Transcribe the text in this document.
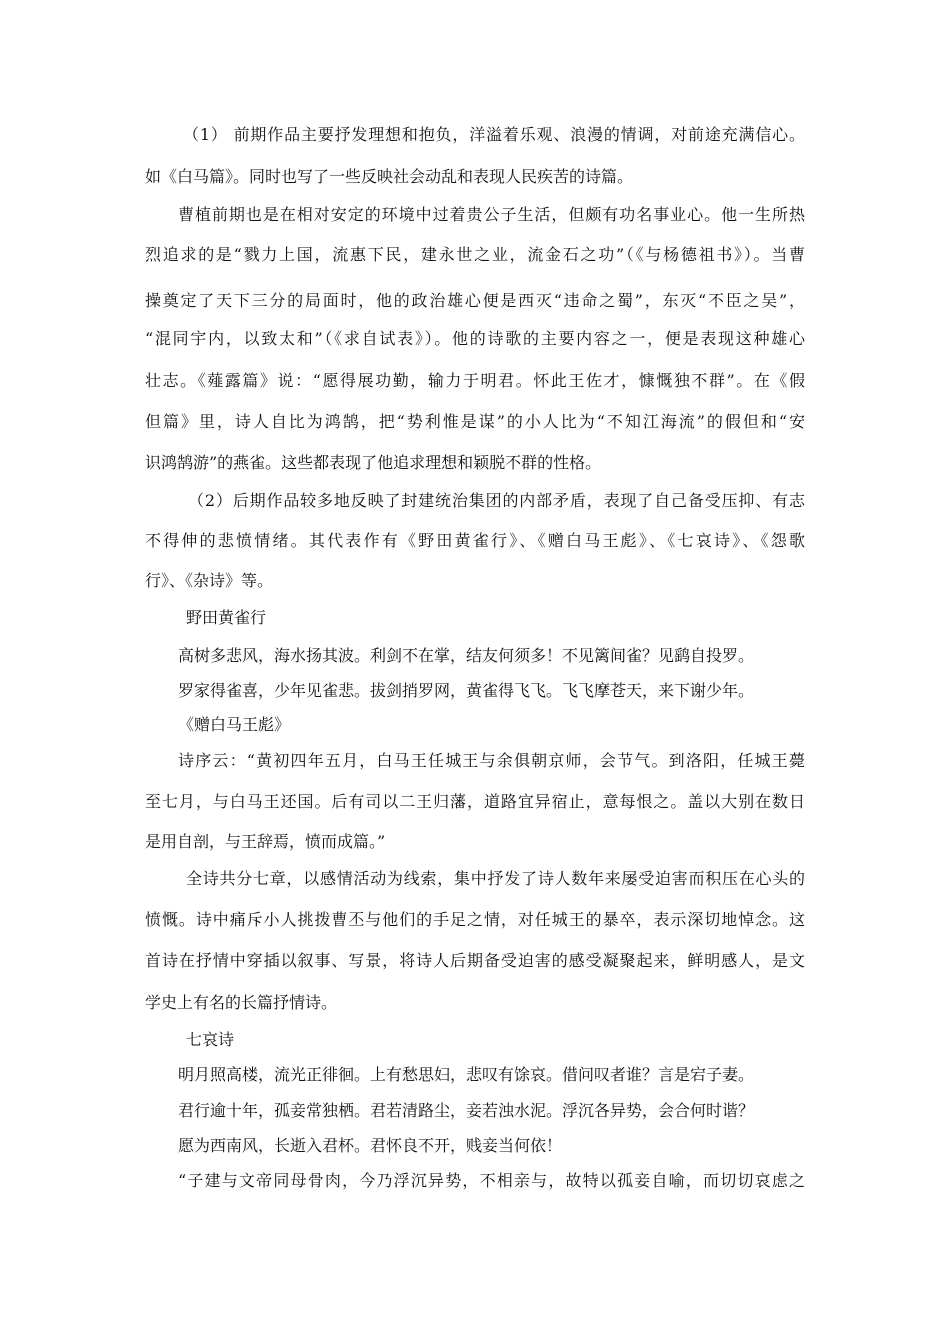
（1） 前期作品主要抒发理想和抱负，洋溢着乐观、浪漫的情调，对前途充满信心。
如《白马篇》。同时也写了一些反映社会动乱和表现人民疾苦的诗篇。
曹植前期也是在相对安定的环境中过着贵公子生活，但颇有功名事业心。他一生所热
烈追求的是“戮力上国，流惠下民，建永世之业，流金石之功”（《与杨德祖书》）。当曹
操奠定了天下三分的局面时，他的政治雄心便是西灭“违命之蜀”，东灭“不臣之吴”，
“混同宇内，以致太和”（《求自试表》）。他的诗歌的主要内容之一，便是表现这种雄心
壮志。《薤露篇》说：“愿得展功勤，输力于明君。怀此王佐才，慷慨独不群”。在《假
但篇》里，诗人自比为鸿鹄，把“势利惟是谋”的小人比为“不知江海流”的假但和“安
识鸿鹄游”的燕雀。这些都表现了他追求理想和颖脱不群的性格。
（2）后期作品较多地反映了封建统治集团的内部矛盾，表现了自己备受压抑、有志
不得伸的悲愤情绪。其代表作有《野田黄雀行》、《赠白马王彪》、《七哀诗》、《怨歌
行》、《杂诗》等。
野田黄雀行
高树多悲风，海水扬其波。利剑不在掌，结友何须多！不见篱间雀？见鹞自投罗。
罗家得雀喜，少年见雀悲。拔剑捎罗网，黄雀得飞飞。飞飞摩苍天，来下谢少年。
《赠白马王彪》
诗序云：“黄初四年五月，白马王任城王与余俱朝京师，会节气。到洛阳，任城王薨
至七月，与白马王还国。后有司以二王归藩，道路宜异宿止，意每恨之。盖以大别在数日
是用自剖，与王辞焉，愤而成篇。”
全诗共分七章，以感情活动为线索，集中抒发了诗人数年来屡受迫害而积压在心头的
愤慨。诗中痛斥小人挑拨曹丕与他们的手足之情，对任城王的暴卒，表示深切地悼念。这
首诗在抒情中穿插以叙事、写景，将诗人后期备受迫害的感受凝聚起来，鲜明感人，是文
学史上有名的长篇抒情诗。
七哀诗
明月照高楼，流光正徘徊。上有愁思妇，悲叹有馀哀。借问叹者谁？言是宕子妻。
君行逾十年，孤妾常独栖。君若清路尘，妾若浊水泥。浮沉各异势，会合何时谐？
愿为西南风，长逝入君杯。君怀良不开，贱妾当何依！
“子建与文帝同母骨肉，今乃浮沉异势，不相亲与，故特以孤妾自喻，而切切哀虑之
